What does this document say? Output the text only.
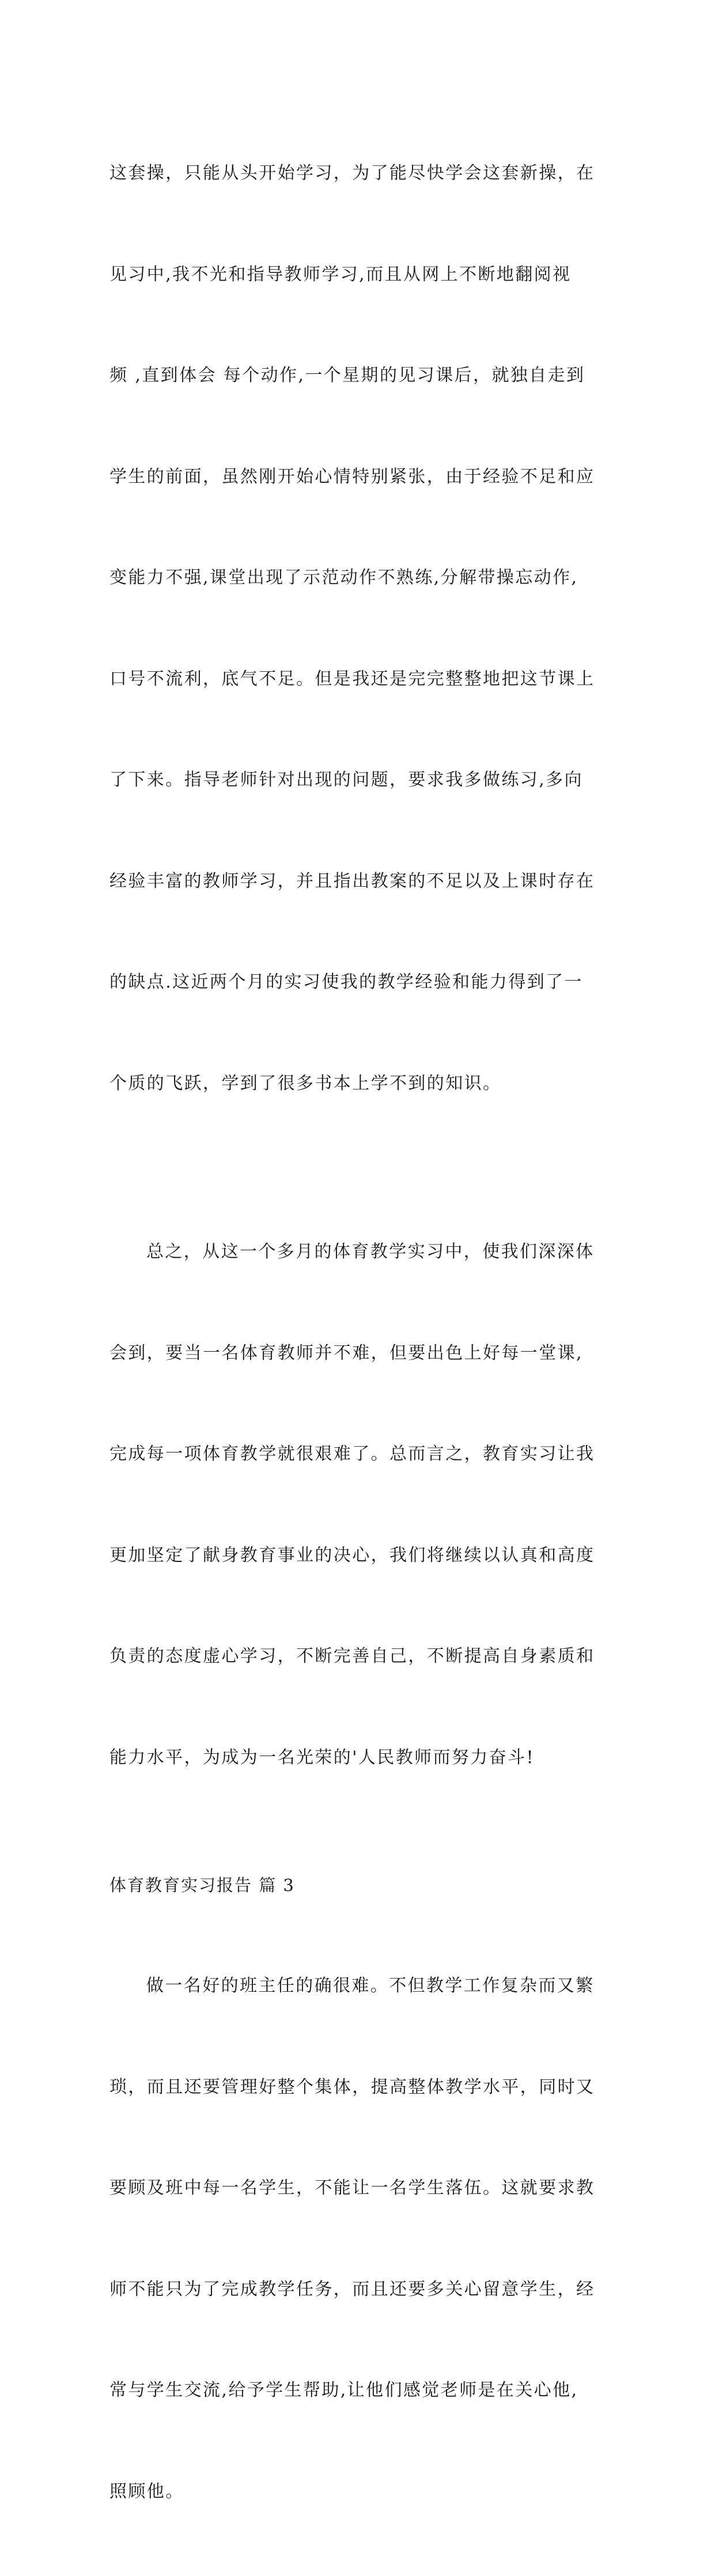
这套操，只能从头开始学习，为了能尽快学会这套新操，在

见习中,我不光和指导教师学习,而且从网上不断地翻阅视

频 ,直到体会 每个动作,一个星期的见习课后，就独自走到

学生的前面，虽然刚开始心情特别紧张，由于经验不足和应

变能力不强,课堂出现了示范动作不熟练,分解带操忘动作,

口号不流利，底气不足。但是我还是完完整整地把这节课上

了下来。指导老师针对出现的问题，要求我多做练习,多向

经验丰富的教师学习，并且指出教案的不足以及上课时存在

的缺点.这近两个月的实习使我的教学经验和能力得到了一

个质的飞跃，学到了很多书本上学不到的知识。

总之，从这一个多月的体育教学实习中，使我们深深体

会到，要当一名体育教师并不难，但要出色上好每一堂课,

完成每一项体育教学就很艰难了。总而言之，教育实习让我

更加坚定了献身教育事业的决心，我们将继续以认真和高度

负责的态度虚心学习，不断完善自己，不断提高自身素质和

能力水平，为成为一名光荣的'人民教师而努力奋斗!

体育教育实习报告 篇 3

做一名好的班主任的确很难。不但教学工作复杂而又繁

琐，而且还要管理好整个集体，提高整体教学水平，同时又

要顾及班中每一名学生，不能让一名学生落伍。这就要求教

师不能只为了完成教学任务，而且还要多关心留意学生，经

常与学生交流,给予学生帮助,让他们感觉老师是在关心他,

照顾他。
